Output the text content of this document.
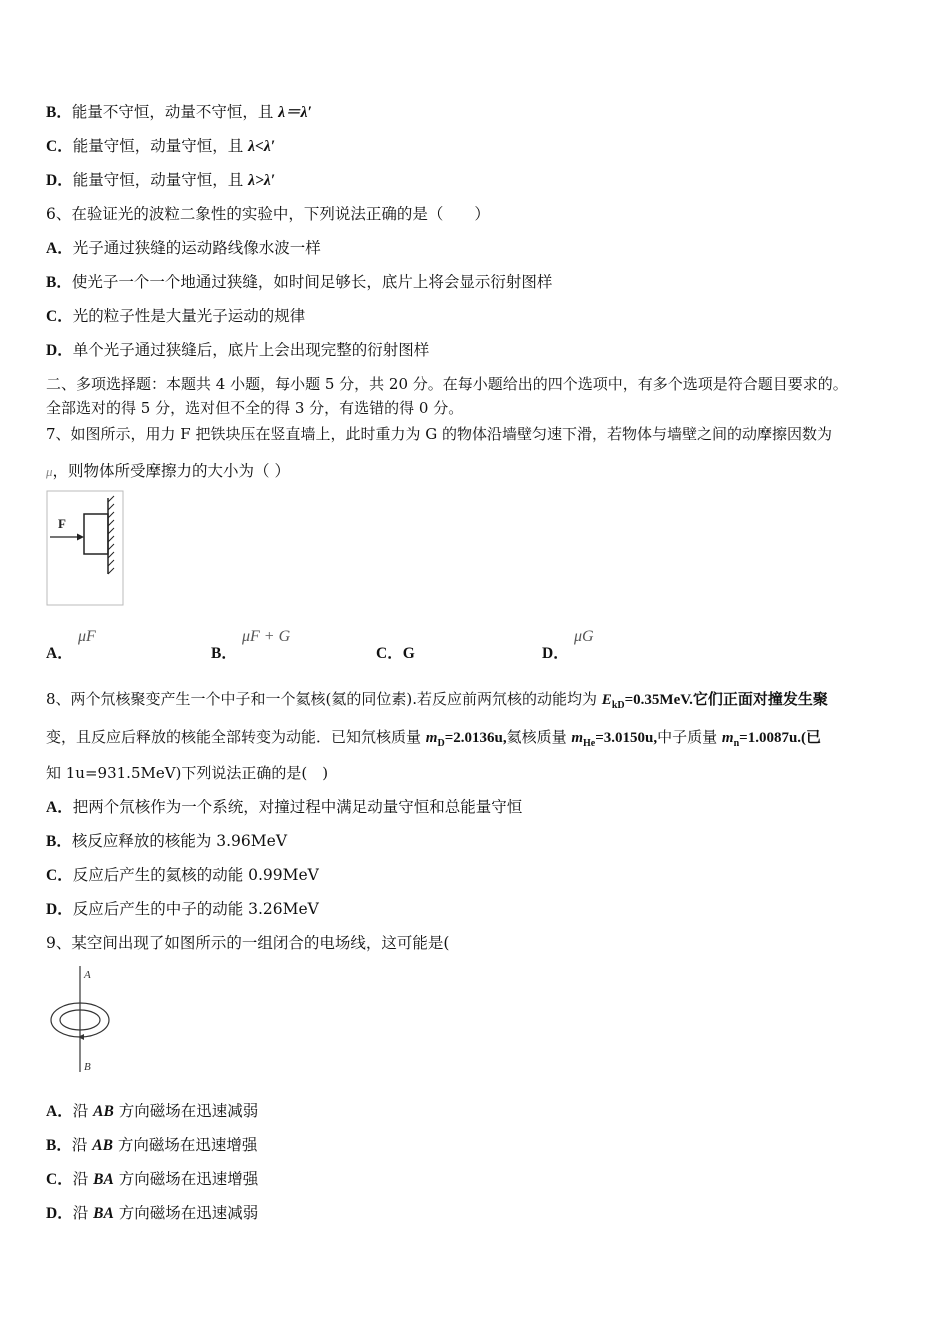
B．能量不守恒，动量不守恒，且 λ＝λ′
C．能量守恒，动量守恒，且 λ<λ′
D．能量守恒，动量守恒，且 λ>λ′
6、在验证光的波粒二象性的实验中，下列说法正确的是（　　）
A．光子通过狭缝的运动路线像水波一样
B．使光子一个一个地通过狭缝，如时间足够长，底片上将会显示衍射图样
C．光的粒子性是大量光子运动的规律
D．单个光子通过狭缝后，底片上会出现完整的衍射图样
二、多项选择题：本题共 4 小题，每小题 5 分，共 20 分。在每小题给出的四个选项中，有多个选项是符合题目要求的。
全部选对的得 5 分，选对但不全的得 3 分，有选错的得 0 分。
7、如图所示，用力 F 把铁块压在竖直墙上，此时重力为 G 的物体沿墙壁匀速下滑，若物体与墙壁之间的动摩擦因数为
μ，则物体所受摩擦力的大小为（ ）
F
A．
μF
B．
μF + G
C．G	D．
μG
8、两个氘核聚变产生一个中子和一个氦核(氦的同位素).若反应前两氘核的动能均为 $E_{kD}=0.35MeV$.它们正面对撞发生聚
变，且反应后释放的核能全部转变为动能．已知氘核质量 $m_D=2.0136u$,氦核质量 $m_{He}=3.0150u$,中子质量 $m_n=1.0087u$.(已
知 1u=931.5MeV)下列说法正确的是(　)
A．把两个氘核作为一个系统，对撞过程中满足动量守恒和总能量守恒
B．核反应释放的核能为 3.96MeV
C．反应后产生的氦核的动能 0.99MeV
D．反应后产生的中子的动能 3.26MeV
9、某空间出现了如图所示的一组闭合的电场线，这可能是(
A
B
A．沿 AB 方向磁场在迅速减弱
B．沿 AB 方向磁场在迅速增强
C．沿 BA 方向磁场在迅速增强
D．沿 BA 方向磁场在迅速减弱
